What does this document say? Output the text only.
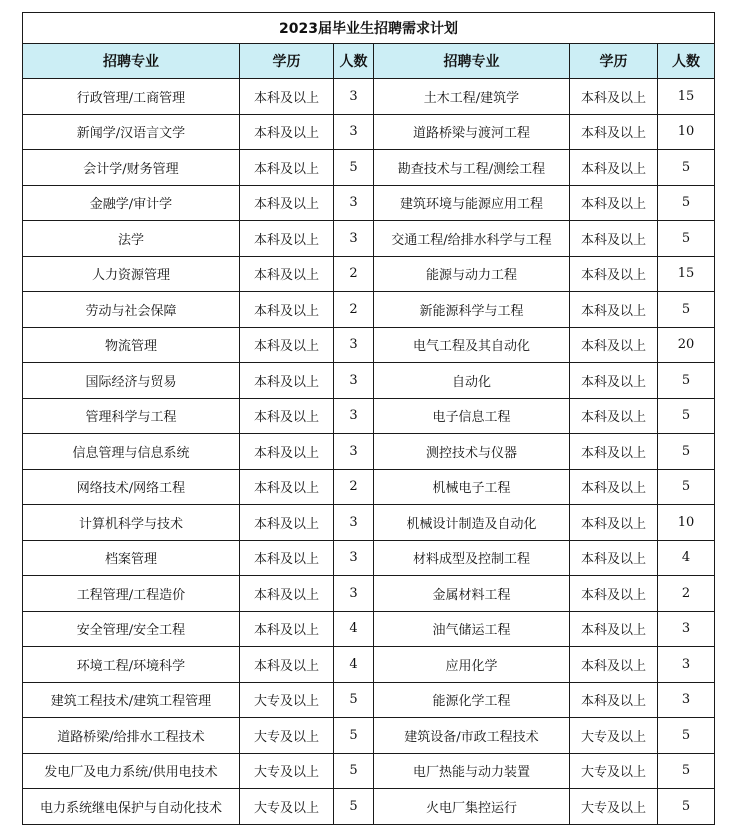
2023届毕业生招聘需求计划					
招聘专业	学历	人数	招聘专业	学历	人数
行政管理/工商管理	本科及以上	3	土木工程/建筑学	本科及以上	15
新闻学/汉语言文学	本科及以上	3	道路桥梁与渡河工程	本科及以上	10
会计学/财务管理	本科及以上	5	勘查技术与工程/测绘工程	本科及以上	5
金融学/审计学	本科及以上	3	建筑环境与能源应用工程	本科及以上	5
法学	本科及以上	3	交通工程/给排水科学与工程	本科及以上	5
人力资源管理	本科及以上	2	能源与动力工程	本科及以上	15
劳动与社会保障	本科及以上	2	新能源科学与工程	本科及以上	5
物流管理	本科及以上	3	电气工程及其自动化	本科及以上	20
国际经济与贸易	本科及以上	3	自动化	本科及以上	5
管理科学与工程	本科及以上	3	电子信息工程	本科及以上	5
信息管理与信息系统	本科及以上	3	测控技术与仪器	本科及以上	5
网络技术/网络工程	本科及以上	2	机械电子工程	本科及以上	5
计算机科学与技术	本科及以上	3	机械设计制造及自动化	本科及以上	10
档案管理	本科及以上	3	材料成型及控制工程	本科及以上	4
工程管理/工程造价	本科及以上	3	金属材料工程	本科及以上	2
安全管理/安全工程	本科及以上	4	油气储运工程	本科及以上	3
环境工程/环境科学	本科及以上	4	应用化学	本科及以上	3
建筑工程技术/建筑工程管理	大专及以上	5	能源化学工程	本科及以上	3
道路桥梁/给排水工程技术	大专及以上	5	建筑设备/市政工程技术	大专及以上	5
发电厂及电力系统/供用电技术	大专及以上	5	电厂热能与动力装置	大专及以上	5
电力系统继电保护与自动化技术	大专及以上	5	火电厂集控运行	大专及以上	5
